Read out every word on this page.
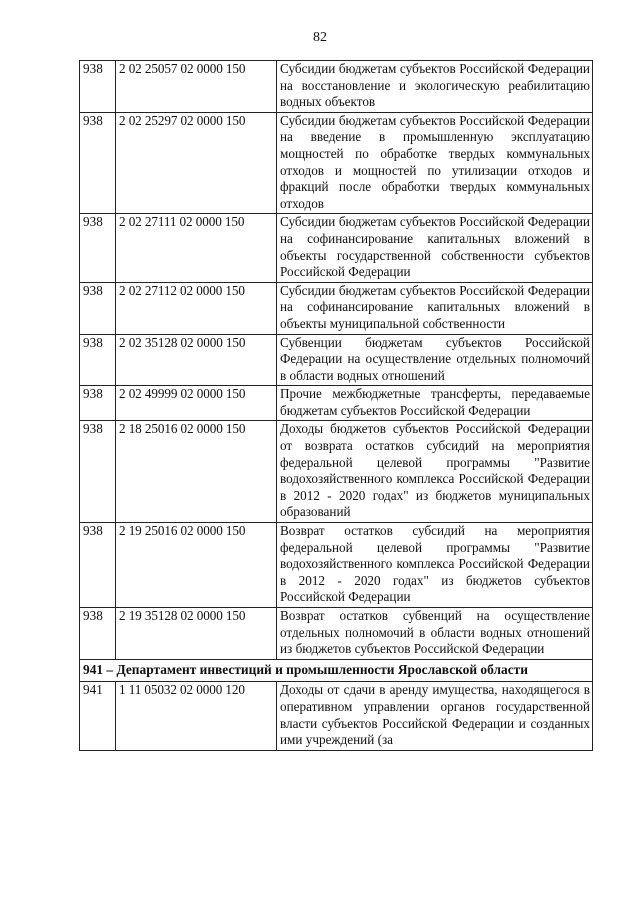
82
938	2 02 25057 02 0000 150	Субсидии бюджетам субъектов Российской Федерации на восстановление и экологическую реабилитацию водных объектов
938	2 02 25297 02 0000 150	Субсидии бюджетам субъектов Российской Федерации на введение в промышленную эксплуатацию мощностей по обработке твердых коммунальных отходов и мощностей по утилизации отходов и фракций после обработки твердых коммунальных отходов
938	2 02 27111 02 0000 150	Субсидии бюджетам субъектов Российской Федерации на софинансирование капитальных вложений в объекты государственной собственности субъектов Российской Федерации
938	2 02 27112 02 0000 150	Субсидии бюджетам субъектов Российской Федерации на софинансирование капитальных вложений в объекты муниципальной собственности
938	2 02 35128 02 0000 150	Субвенции бюджетам субъектов Российской Федерации на осуществление отдельных полномочий в области водных отношений
938	2 02 49999 02 0000 150	Прочие межбюджетные трансферты, передаваемые бюджетам субъектов Российской Федерации
938	2 18 25016 02 0000 150	Доходы бюджетов субъектов Российской Федерации от возврата остатков субсидий на мероприятия федеральной целевой программы "Развитие водохозяйственного комплекса Российской Федерации в 2012 - 2020 годах" из бюджетов муниципальных образований
938	2 19 25016 02 0000 150	Возврат остатков субсидий на мероприятия федеральной целевой программы "Развитие водохозяйственного комплекса Российской Федерации в 2012 - 2020 годах" из бюджетов субъектов Российской Федерации
938	2 19 35128 02 0000 150	Возврат остатков субвенций на осуществление отдельных полномочий в области водных отношений из бюджетов субъектов Российской Федерации
941 – Департамент инвестиций и промышленности Ярославской области		
941	1 11 05032 02 0000 120	Доходы от сдачи в аренду имущества, находящегося в оперативном управлении органов государственной власти субъектов Российской Федерации и созданных ими учреждений (за
